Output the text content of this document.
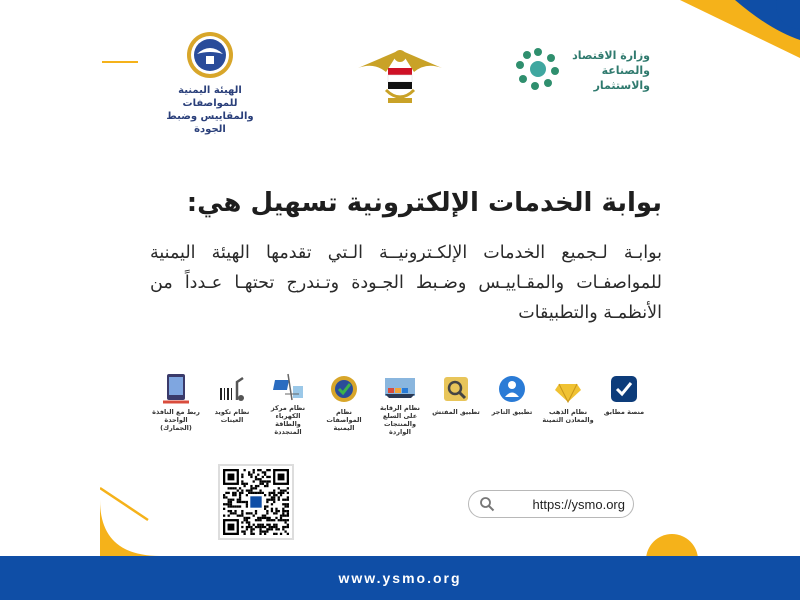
الهيئة اليمنية للمواصفات والمقاييس وضبط الجودة
وزارة الاقتصاد والصناعة والاستثمار
بوابة الخدمات الإلكترونية تسهيل هي:
بوابـة لـجميع الخدمات الإلكـترونيــة الـتي تقدمها الهيئة اليمنية للمواصفـات والمقـاييـس وضـبط الجـودة وتـندرج تحتهـا عـدداً من الأنظمـة والتطبيقات
منصة مطابق
نظام الذهب والمعادن الثمينة
تطبيق التاجر
تطبيق المفتش
نظام الرقابة على السلع والمنتجات الواردة
نظام المواصفات اليمنية
نظام مركز الكهرباء والطاقة المتجددة
نظام تكويد العينات
ربط مع النافذة الواحدة (الجمارك)
https://ysmo.org
www.ysmo.org
